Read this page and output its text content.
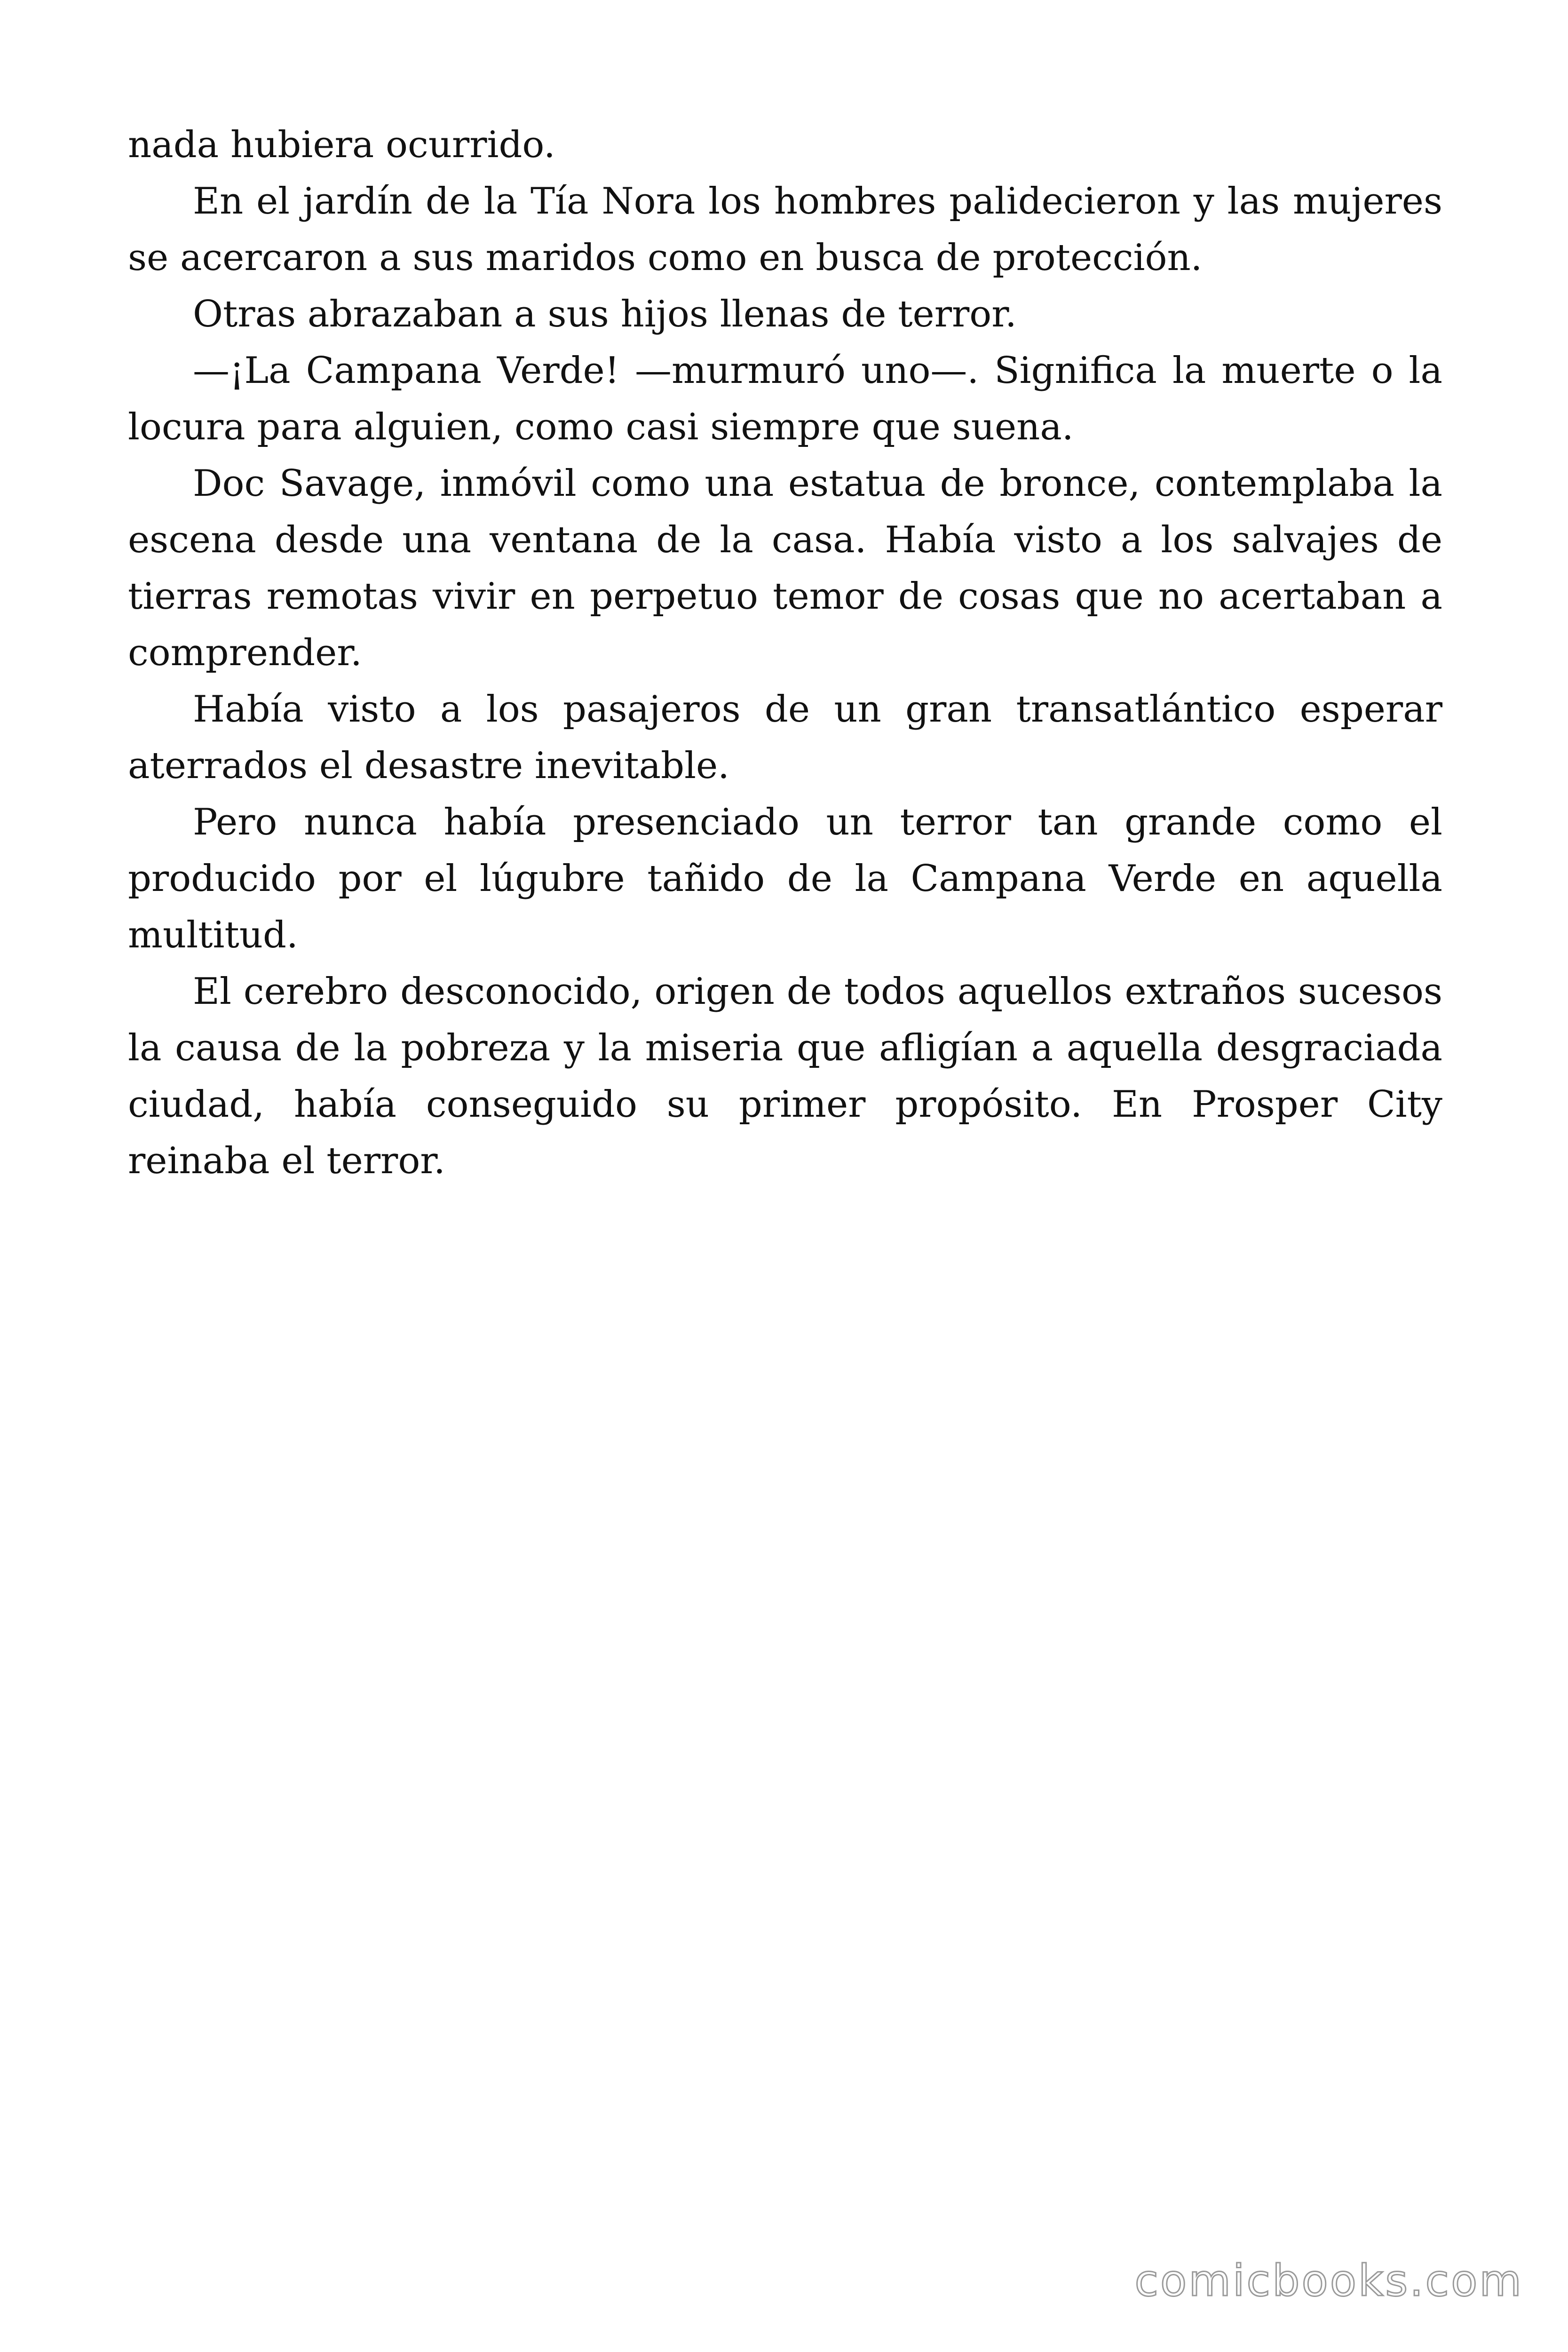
nada hubiera ocurrido.

En el jardín de la Tía Nora los hombres palidecieron y las mujeres se acercaron a sus maridos como en busca de protección.

Otras abrazaban a sus hijos llenas de terror.

—¡La Campana Verde! —murmuró uno—. Significa la muerte o la locura para alguien, como casi siempre que suena.

Doc Savage, inmóvil como una estatua de bronce, contemplaba la escena desde una ventana de la casa. Había visto a los salvajes de tierras remotas vivir en perpetuo temor de cosas que no acertaban a comprender.

Había visto a los pasajeros de un gran transatlántico esperar aterrados el desastre inevitable.

Pero nunca había presenciado un terror tan grande como el producido por el lúgubre tañido de la Campana Verde en aquella multitud.

El cerebro desconocido, origen de todos aquellos extraños sucesos la causa de la pobreza y la miseria que afligían a aquella desgraciada ciudad, había conseguido su primer propósito. En Prosper City reinaba el terror.

comicbooks.com
